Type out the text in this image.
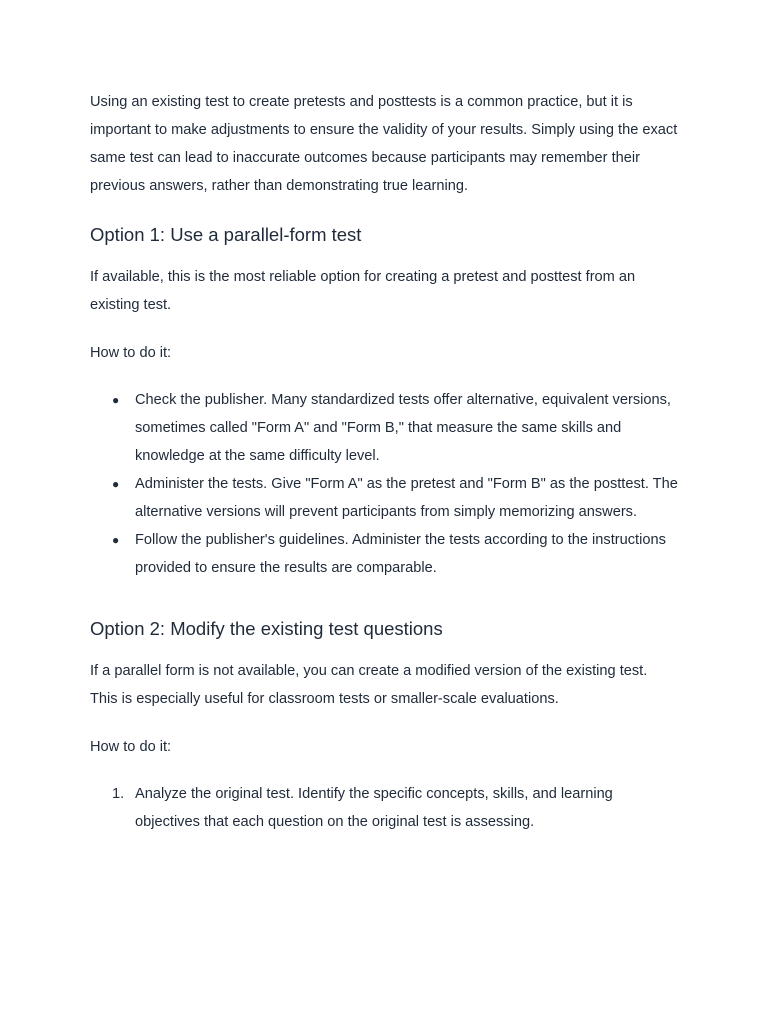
Using an existing test to create pretests and posttests is a common practice, but it is important to make adjustments to ensure the validity of your results. Simply using the exact same test can lead to inaccurate outcomes because participants may remember their previous answers, rather than demonstrating true learning.

Option 1: Use a parallel-form test

If available, this is the most reliable option for creating a pretest and posttest from an existing test.

How to do it:

●	Check the publisher. Many standardized tests offer alternative, equivalent versions, sometimes called "Form A" and "Form B," that measure the same skills and knowledge at the same difficulty level.
●	Administer the tests. Give "Form A" as the pretest and "Form B" as the posttest. The alternative versions will prevent participants from simply memorizing answers.
●	Follow the publisher's guidelines. Administer the tests according to the instructions provided to ensure the results are comparable.
Option 2: Modify the existing test questions

If a parallel form is not available, you can create a modified version of the existing test. This is especially useful for classroom tests or smaller-scale evaluations.

How to do it:

1. Analyze the original test. Identify the specific concepts, skills, and learning objectives that each question on the original test is assessing.
